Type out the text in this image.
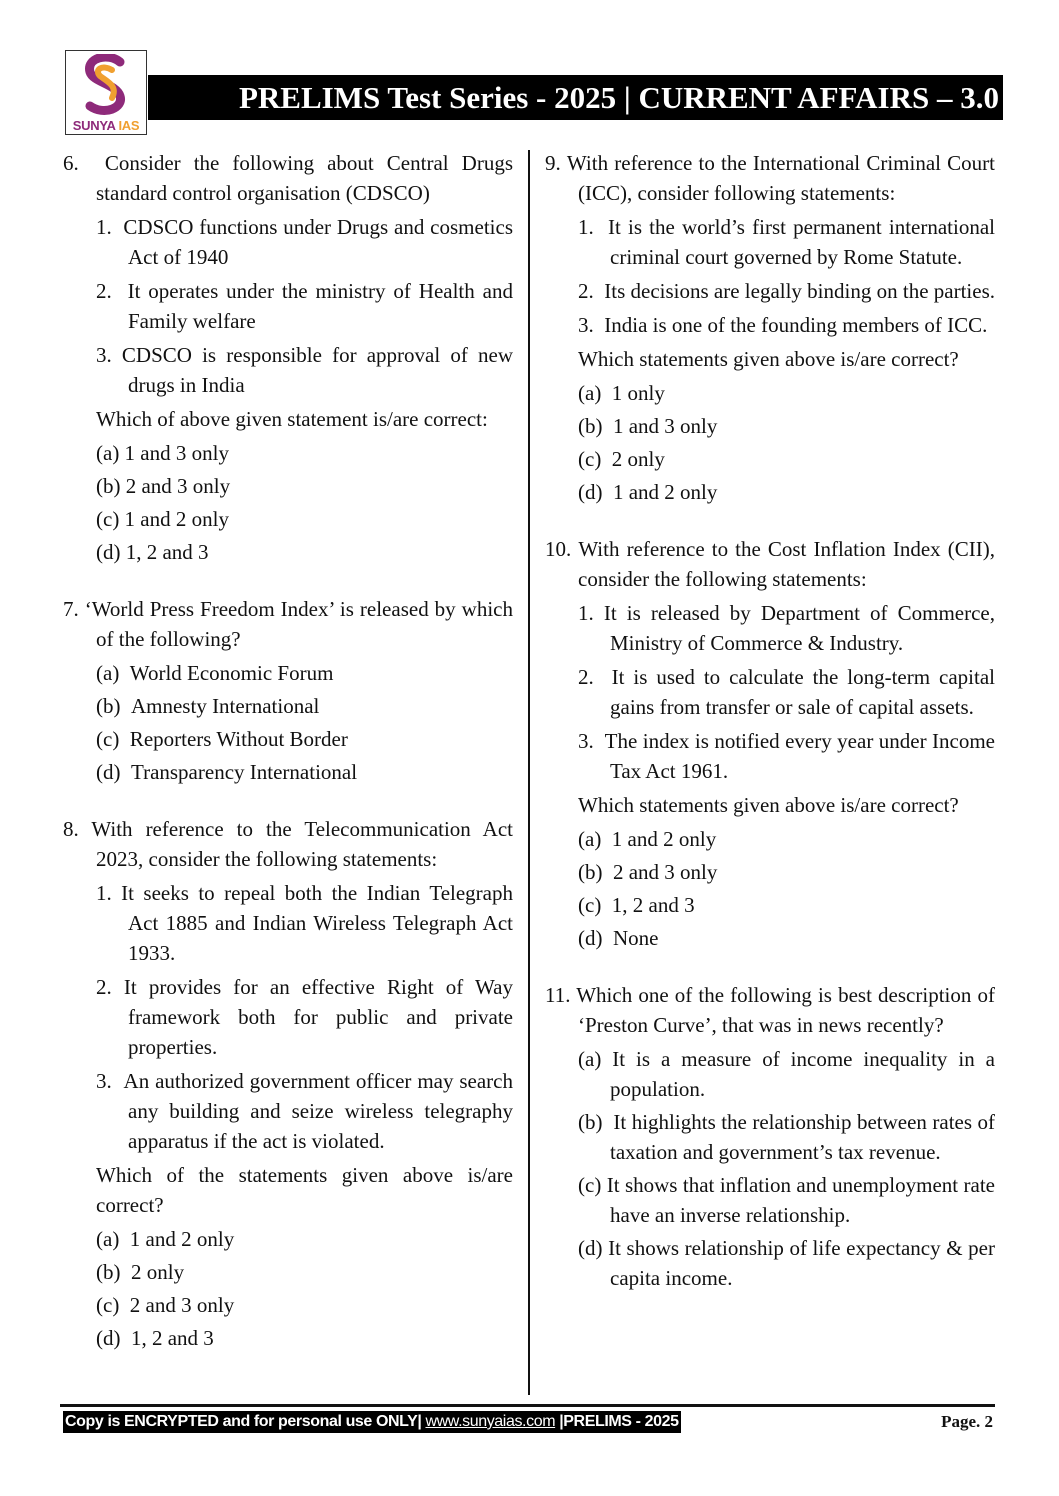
SUNYA IAS
PRELIMS Test Series - 2025 | CURRENT AFFAIRS – 3.0
6.  Consider the following about Central Drugs standard control organisation (CDSCO)
1.  CDSCO functions under Drugs and cosmetics Act of 1940
2.  It operates under the ministry of Health and Family welfare
3. CDSCO is responsible for approval of new drugs in India
Which of above given statement is/are correct:
(a) 1 and 3 only
(b) 2 and 3 only
(c) 1 and 2 only
(d) 1, 2 and 3
7. ‘World Press Freedom Index’ is released by which of the following?
(a)  World Economic Forum
(b)  Amnesty International
(c)  Reporters Without Border
(d)  Transparency International
8. With reference to the Telecommunication Act 2023, consider the following statements:
1. It seeks to repeal both the Indian Telegraph Act 1885 and Indian Wireless Telegraph Act 1933.
2. It provides for an effective Right of Way framework both for public and private properties.
3.  An authorized government officer may search any building and seize wireless telegraphy apparatus if the act is violated.
Which of the statements given above is/are correct?
(a)  1 and 2 only
(b)  2 only
(c)  2 and 3 only
(d)  1, 2 and 3
9. With reference to the International Criminal Court (ICC), consider following statements:
1.  It is the world’s first permanent international criminal court governed by Rome Statute.
2.  Its decisions are legally binding on the parties.
3.  India is one of the founding members of ICC.
Which statements given above is/are correct?
(a)  1 only
(b)  1 and 3 only
(c)  2 only
(d)  1 and 2 only
10. With reference to the Cost Inflation Index (CII), consider the following statements:
1. It is released by Department of Commerce, Ministry of Commerce & Industry.
2.  It is used to calculate the long-term capital gains from transfer or sale of capital assets.
3.  The index is notified every year under Income Tax Act 1961.
Which statements given above is/are correct?
(a)  1 and 2 only
(b)  2 and 3 only
(c)  1, 2 and 3
(d)  None
11. Which one of the following is best description of ‘Preston Curve’, that was in news recently?
(a) It is a measure of income inequality in a population.
(b)  It highlights the relationship between rates of taxation and government’s tax revenue.
(c) It shows that inflation and unemployment rate have an inverse relationship.
(d) It shows relationship of life expectancy & per capita income.
Copy is ENCRYPTED and for personal use ONLY| www.sunyaias.com |PRELIMS - 2025	Page. 2
